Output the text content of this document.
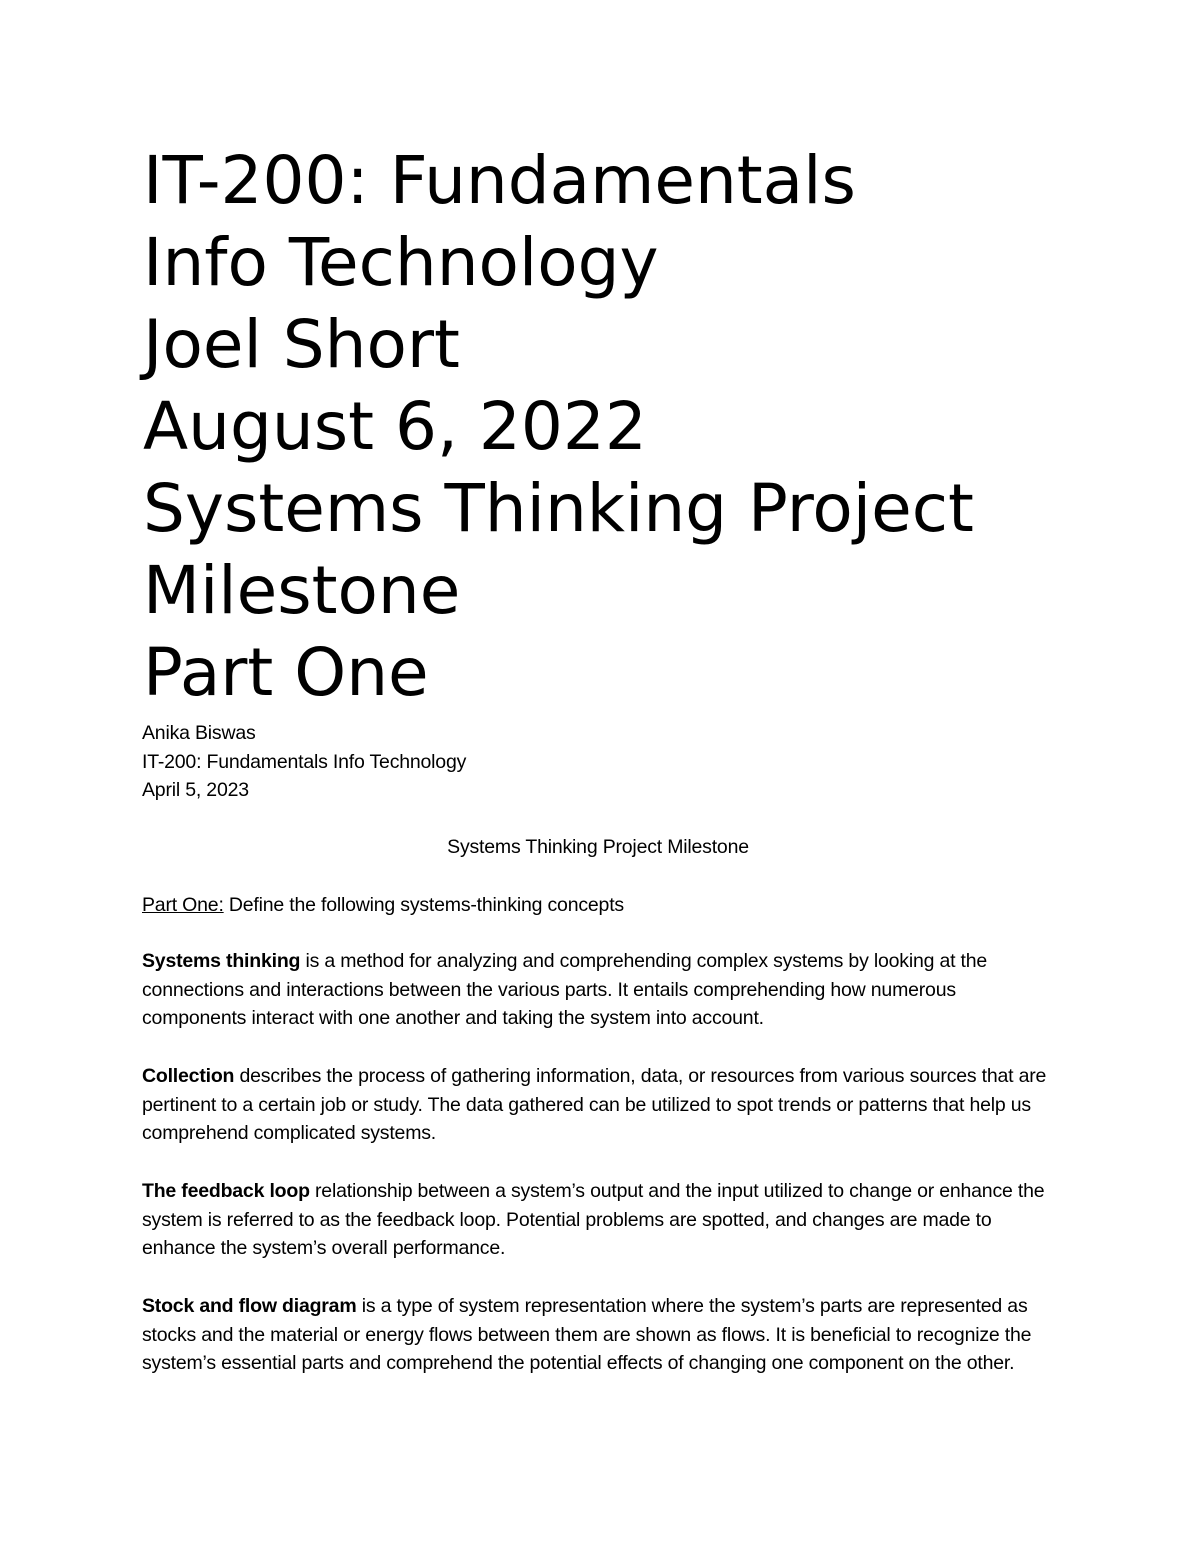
IT-200: Fundamentals
Info Technology
Joel Short
August 6, 2022
Systems Thinking Project
Milestone
Part One
Anika Biswas
IT-200: Fundamentals Info Technology
April 5, 2023
Systems Thinking Project Milestone
Part One: Define the following systems-thinking concepts
Systems thinking is a method for analyzing and comprehending complex systems by looking at the connections and interactions between the various parts. It entails comprehending how numerous components interact with one another and taking the system into account.
Collection describes the process of gathering information, data, or resources from various sources that are pertinent to a certain job or study. The data gathered can be utilized to spot trends or patterns that help us comprehend complicated systems.
The feedback loop relationship between a system’s output and the input utilized to change or enhance the system is referred to as the feedback loop. Potential problems are spotted, and changes are made to enhance the system’s overall performance.
Stock and flow diagram is a type of system representation where the system’s parts are represented as stocks and the material or energy flows between them are shown as flows. It is beneficial to recognize the system’s essential parts and comprehend the potential effects of changing one component on the other.
